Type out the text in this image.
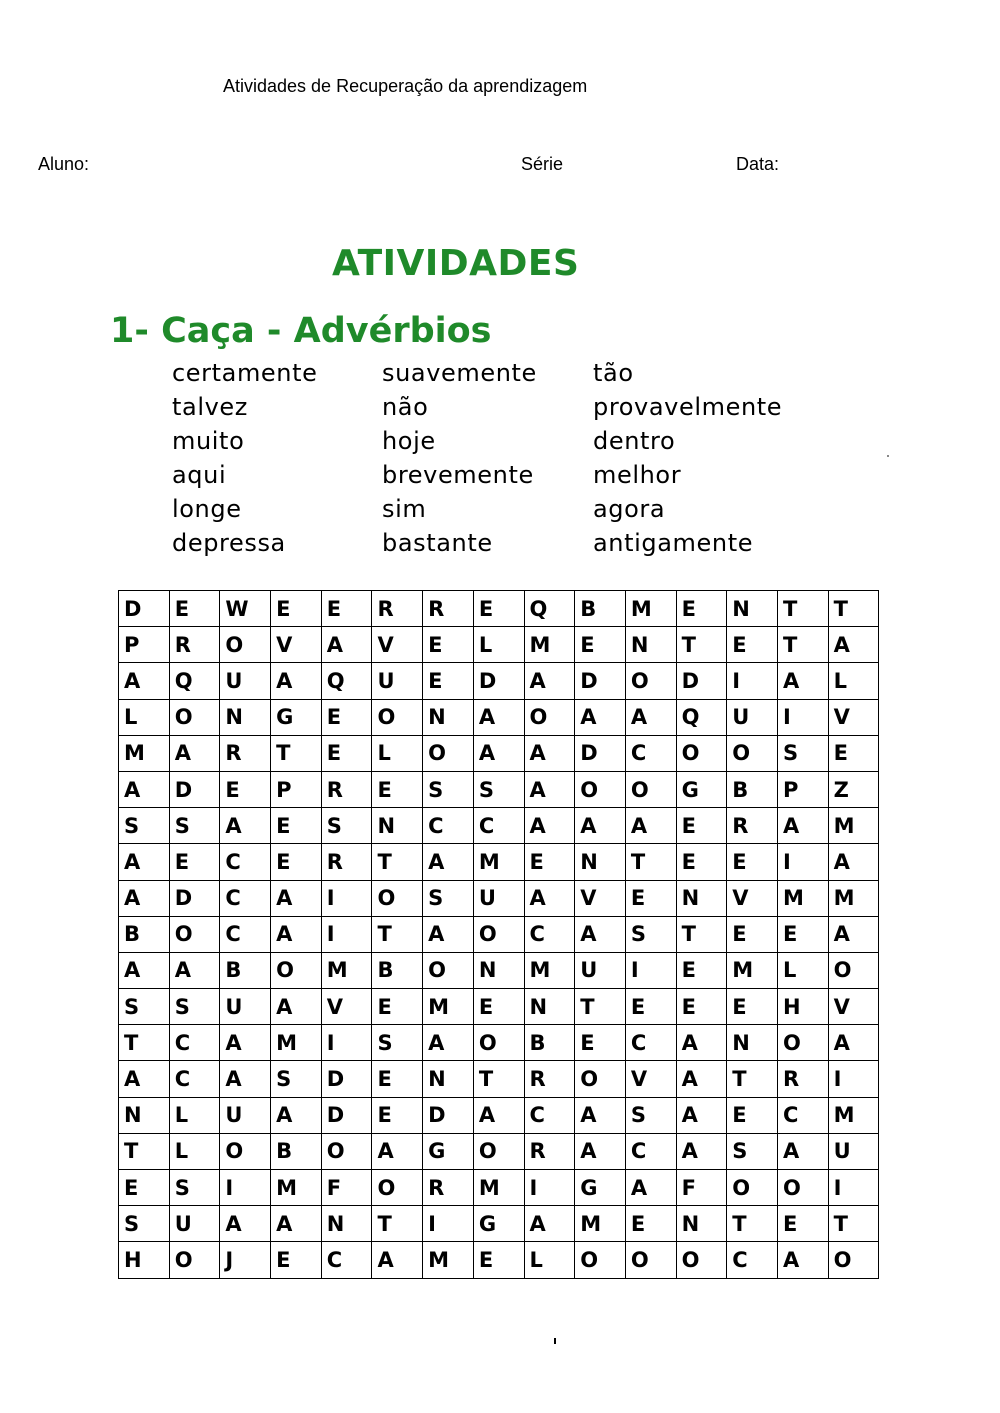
Atividades de Recuperação da aprendizagem
Aluno:	Série	Data:
ATIVIDADES
1- Caça - Advérbios
certamente	suavemente	tão
talvez	não	provavelmente
muito	hoje	dentro
aqui	brevemente	melhor
longe	sim	agora
depressa	bastante	antigamente
D	E	W	E	E	R	R	E	Q	B	M	E	N	T	T
P	R	O	V	A	V	E	L	M	E	N	T	E	T	A
A	Q	U	A	Q	U	E	D	A	D	O	D	I	A	L
L	O	N	G	E	O	N	A	O	A	A	Q	U	I	V
M	A	R	T	E	L	O	A	A	D	C	O	O	S	E
A	D	E	P	R	E	S	S	A	O	O	G	B	P	Z
S	S	A	E	S	N	C	C	A	A	A	E	R	A	M
A	E	C	E	R	T	A	M	E	N	T	E	E	I	A
A	D	C	A	I	O	S	U	A	V	E	N	V	M	M
B	O	C	A	I	T	A	O	C	A	S	T	E	E	A
A	A	B	O	M	B	O	N	M	U	I	E	M	L	O
S	S	U	A	V	E	M	E	N	T	E	E	E	H	V
T	C	A	M	I	S	A	O	B	E	C	A	N	O	A
A	C	A	S	D	E	N	T	R	O	V	A	T	R	I
N	L	U	A	D	E	D	A	C	A	S	A	E	C	M
T	L	O	B	O	A	G	O	R	A	C	A	S	A	U
E	S	I	M	F	O	R	M	I	G	A	F	O	O	I
S	U	A	A	N	T	I	G	A	M	E	N	T	E	T
H	O	J	E	C	A	M	E	L	O	O	O	C	A	O
